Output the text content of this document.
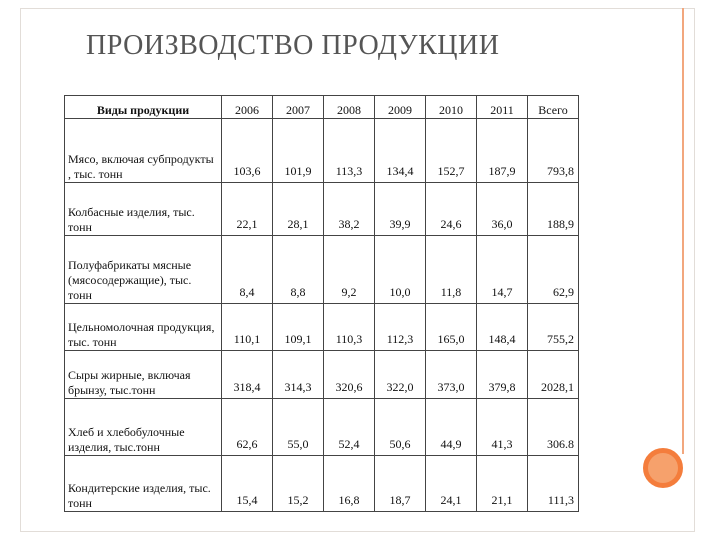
ПРОИЗВОДСТВО ПРОДУКЦИИ
Виды продукции	2006	2007	2008	2009	2010	2011	Всего
Мясо, включая субпродукты , тыс. тонн	103,6	101,9	113,3	134,4	152,7	187,9	793,8
Колбасные изделия, тыс. тонн	22,1	28,1	38,2	39,9	24,6	36,0	188,9
Полуфабрикаты мясные (мясосодержащие), тыс. тонн	8,4	8,8	9,2	10,0	11,8	14,7	62,9
Цельномолочная продукция, тыс. тонн	110,1	109,1	110,3	112,3	165,0	148,4	755,2
Сыры жирные, включая брынзу, тыс.тонн	318,4	314,3	320,6	322,0	373,0	379,8	2028,1
Хлеб и хлебобулочные изделия, тыс.тонн	62,6	55,0	52,4	50,6	44,9	41,3	306.8
Кондитерские изделия, тыс. тонн	15,4	15,2	16,8	18,7	24,1	21,1	111,3
